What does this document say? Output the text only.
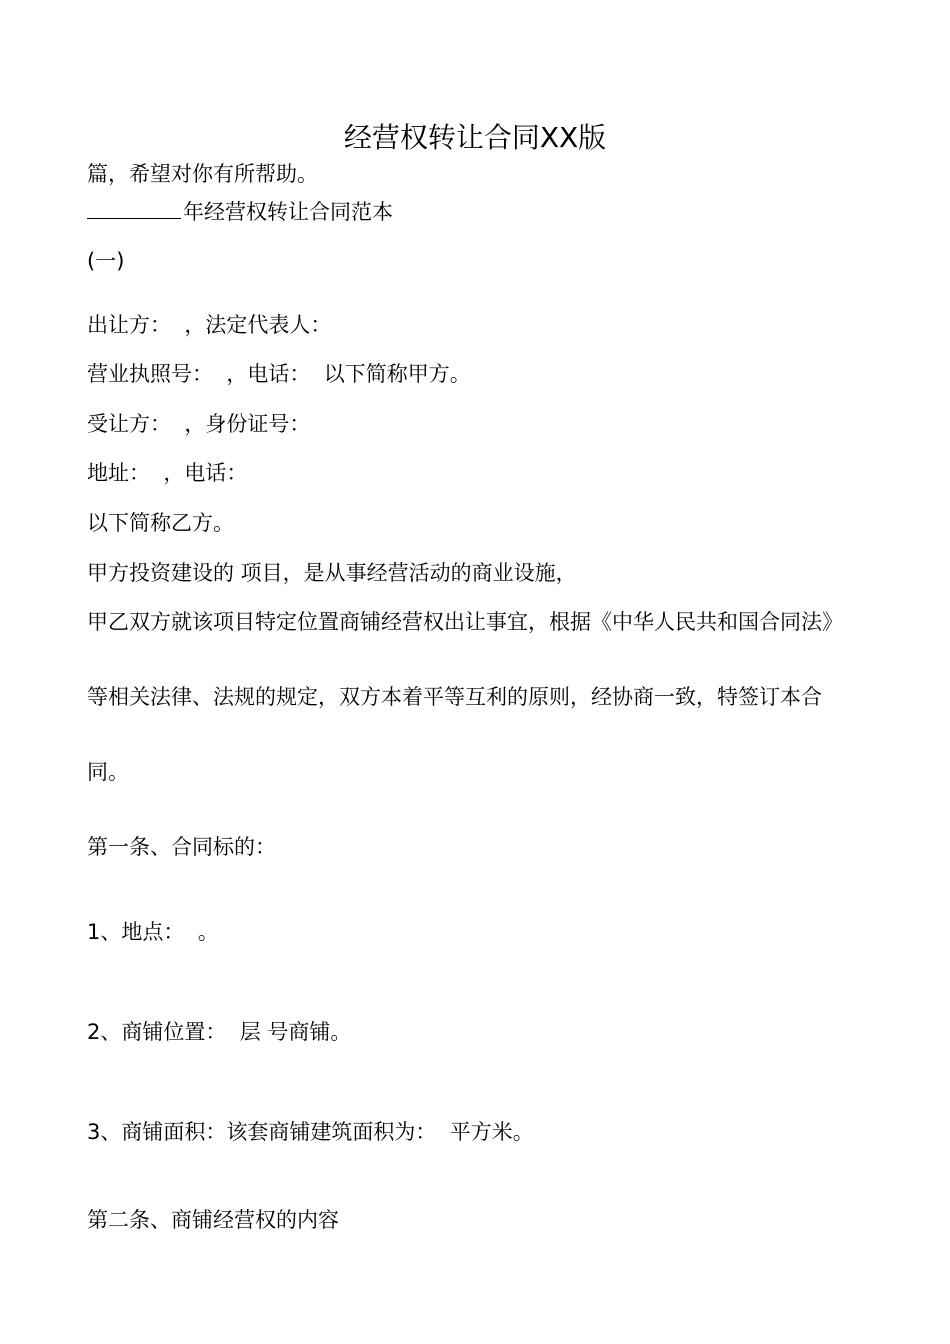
经营权转让合同XX版

篇，希望对你有所帮助。

年经营权转让合同范本

(一)

出让方：  ，法定代表人：

营业执照号：  ，电话：  以下简称甲方。

受让方：  ，身份证号：

地址：  ，电话：

以下简称乙方。

甲方投资建设的 项目，是从事经营活动的商业设施，

甲乙双方就该项目特定位置商铺经营权出让事宜，根据《中华人民共和国合同法》

等相关法律、法规的规定，双方本着平等互利的原则，经协商一致，特签订本合

同。

第一条、合同标的：

1、地点：  。

2、商铺位置：  层 号商铺。

3、商铺面积：该套商铺建筑面积为：  平方米。

第二条、商铺经营权的内容
